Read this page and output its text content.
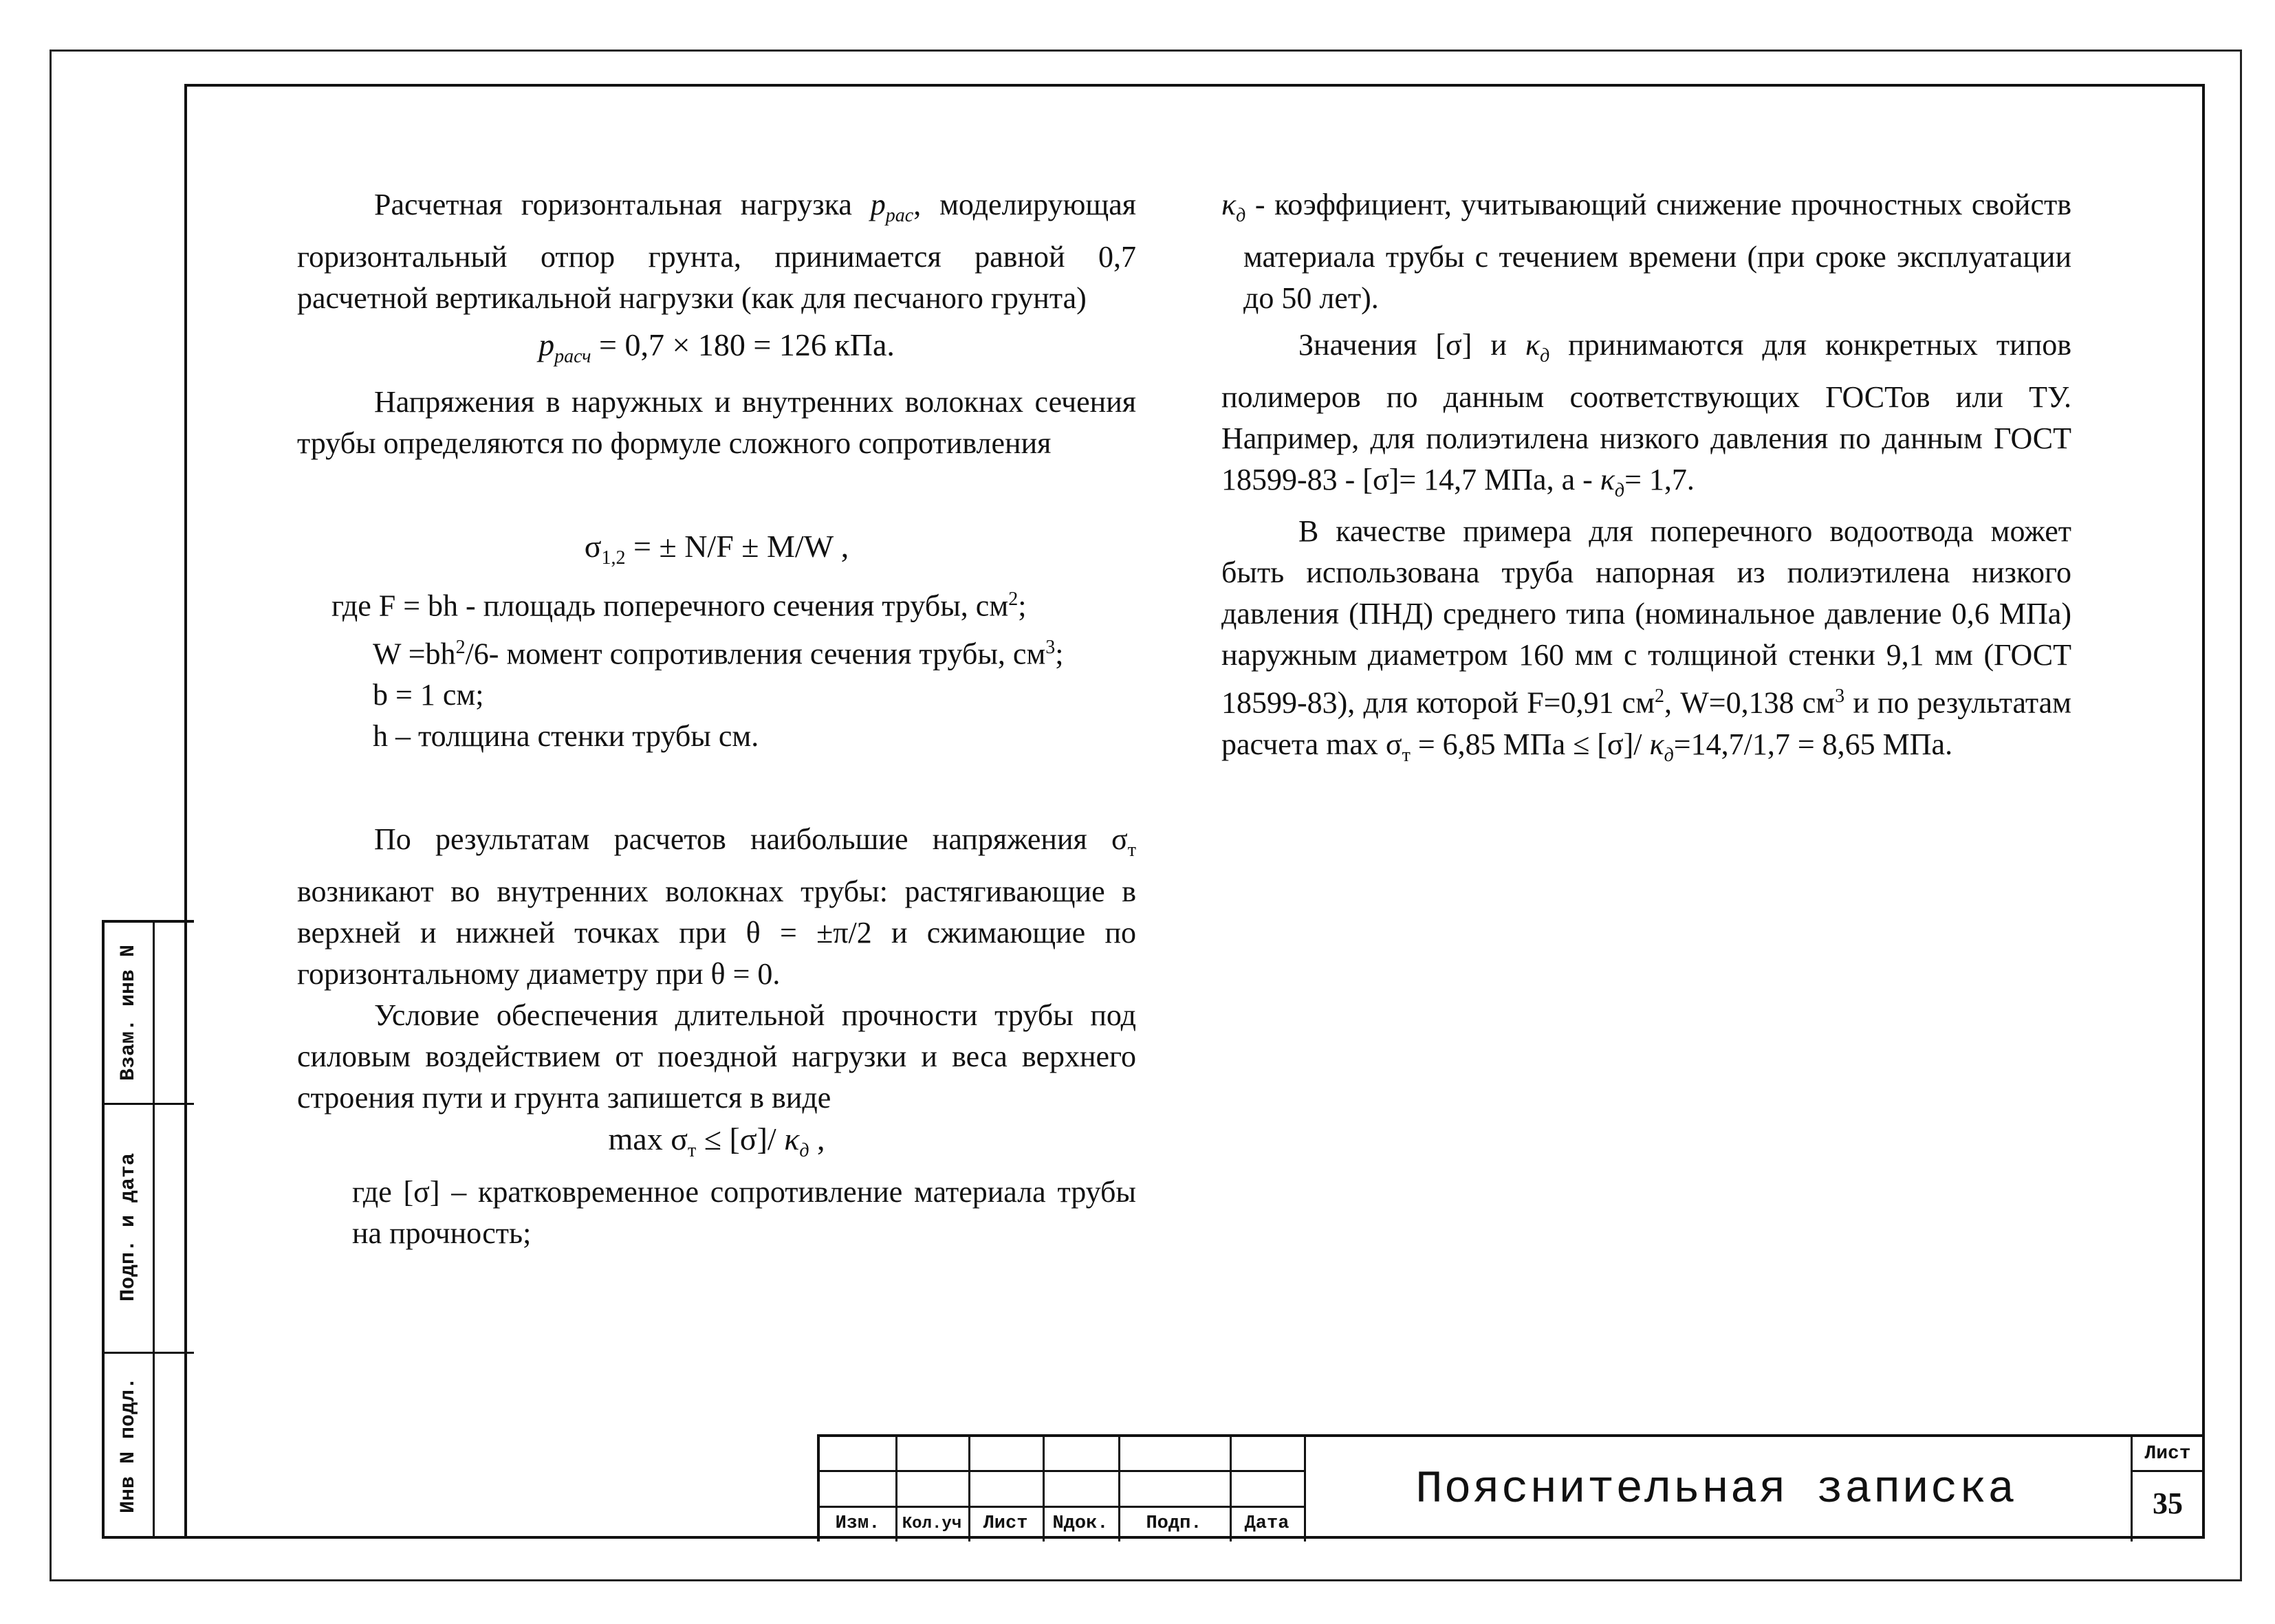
Взам. инв N
Подп. и дата
Инв N подл.

Расчетная горизонтальная нагрузка $p_{рас}$, моделирующая горизонтальный отпор грунта, принимается равной 0,7 расчетной вертикальной нагрузки (как для песчаного грунта)

$p_{расч} = 0,7 \times 180 = 126$ кПа.

Напряжения в наружных и внутренних волокнах сечения трубы определяются по формуле сложного сопротивления

$\sigma_{1,2}$ = ± N/F ± M/W ,

где F = bh - площадь поперечного сечения трубы, $см^2$;

$W =bh^2/6-$ момент сопротивления сечения трубы, $см^3$;

b = 1 см;

h – толщина стенки трубы см.

По результатам расчетов наибольшие напряжения $\sigma_т$ возникают во внутренних волокнах трубы: растягивающие в верхней и нижней точках при θ = ±π/2 и сжимающие по горизонтальному диаметру при θ = 0.

Условие обеспечения длительной прочности трубы под силовым воздействием от поездной нагрузки и веса верхнего строения пути и грунта запишется в виде

$\max \sigma_т \le [\sigma]/$ $\kappa_д$ ,

где [σ] – кратковременное сопротивление материала трубы на прочность;

$\kappa_д$ - коэффициент, учитывающий снижение прочностных свойств материала трубы с течением времени (при сроке эксплуатации до 50 лет).

Значения [σ] и $\kappa_д$ принимаются для конкретных типов полимеров по данным соответствующих ГОСТов или ТУ. Например, для полиэтилена низкого давления по данным ГОСТ 18599-83 - [σ]= 14,7 МПа, $а - \kappa_д= 1,7$.

В качестве примера для поперечного водоотвода может быть использована труба напорная из полиэтилена низкого давления (ПНД) среднего типа (номинальное давление 0,6 МПа) наружным диаметром 160 мм с толщиной стенки 9,1 мм (ГОСТ 18599-83), для которой F=0,91 $см^2$, W=0,138 $см^3$ и по результатам расчета $\max \sigma_т = 6,85$ МПа ≤ [σ]/ $\kappa_д=14,7/1,7 = 8,65$ МПа.

Изм.	Кол.уч	Лист	Nдок.	Подп.	Дата
Пояснительная записка
Лист
35
